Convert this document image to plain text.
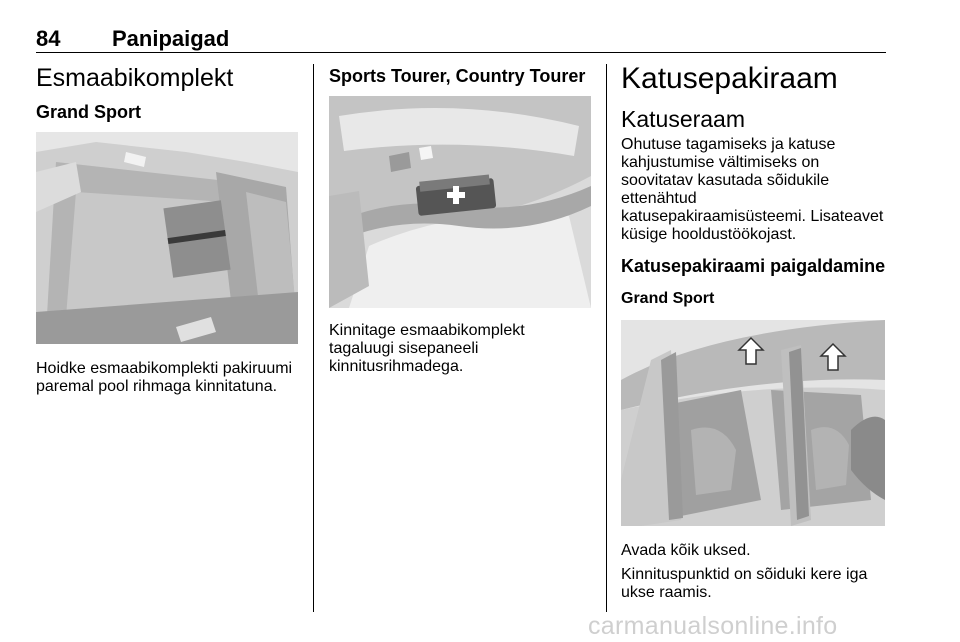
84 Panipaigad
Esmaabikomplekt
Grand Sport
Hoidke esmaabikomplekti pakiruumi
paremal pool rihmaga kinnitatuna.
Sports Tourer, Country Tourer
Kinnitage esmaabikomplekt
tagaluugi sisepaneeli
kinnitusrihmadega.
Katusepakiraam
Katuseraam
Ohutuse tagamiseks ja katuse
kahjustumise vältimiseks on
soovitatav kasutada sõidukile
ettenähtud
katusepakiraamisüsteemi. Lisateavet
küsige hooldustöökojast.
Katusepakiraami paigaldamine
Grand Sport
Avada kõik uksed.
Kinnituspunktid on sõiduki kere iga
ukse raamis.
carmanualsonline.info
